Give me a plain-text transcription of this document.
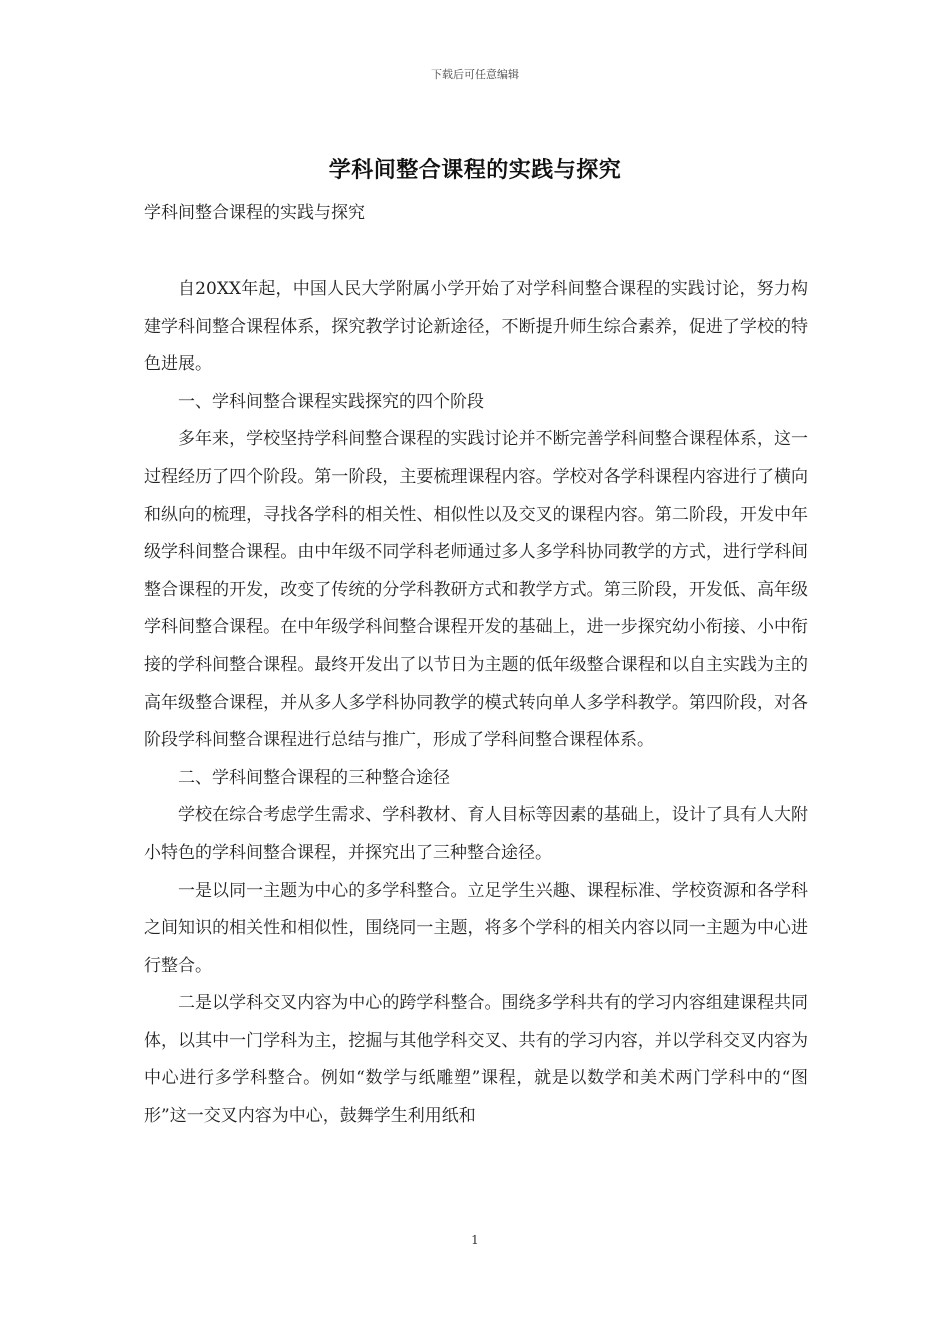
下载后可任意编辑
学科间整合课程的实践与探究

学科间整合课程的实践与探究

自20XX年起，中国人民大学附属小学开始了对学科间整合课程的实践讨论，努力构建学科间整合课程体系，探究教学讨论新途径，不断提升师生综合素养，促进了学校的特色进展。

一、学科间整合课程实践探究的四个阶段

多年来，学校坚持学科间整合课程的实践讨论并不断完善学科间整合课程体系，这一过程经历了四个阶段。第一阶段，主要梳理课程内容。学校对各学科课程内容进行了横向和纵向的梳理，寻找各学科的相关性、相似性以及交叉的课程内容。第二阶段，开发中年级学科间整合课程。由中年级不同学科老师通过多人多学科协同教学的方式，进行学科间整合课程的开发，改变了传统的分学科教研方式和教学方式。第三阶段，开发低、高年级学科间整合课程。在中年级学科间整合课程开发的基础上，进一步探究幼小衔接、小中衔接的学科间整合课程。最终开发出了以节日为主题的低年级整合课程和以自主实践为主的高年级整合课程，并从多人多学科协同教学的模式转向单人多学科教学。第四阶段，对各阶段学科间整合课程进行总结与推广，形成了学科间整合课程体系。

二、学科间整合课程的三种整合途径

学校在综合考虑学生需求、学科教材、育人目标等因素的基础上，设计了具有人大附小特色的学科间整合课程，并探究出了三种整合途径。

一是以同一主题为中心的多学科整合。立足学生兴趣、课程标准、学校资源和各学科之间知识的相关性和相似性，围绕同一主题，将多个学科的相关内容以同一主题为中心进行整合。

二是以学科交叉内容为中心的跨学科整合。围绕多学科共有的学习内容组建课程共同体，以其中一门学科为主，挖掘与其他学科交叉、共有的学习内容，并以学科交叉内容为中心进行多学科整合。例如“数学与纸雕塑”课程，就是以数学和美术两门学科中的“图形”这一交叉内容为中心，鼓舞学生利用纸和

1
